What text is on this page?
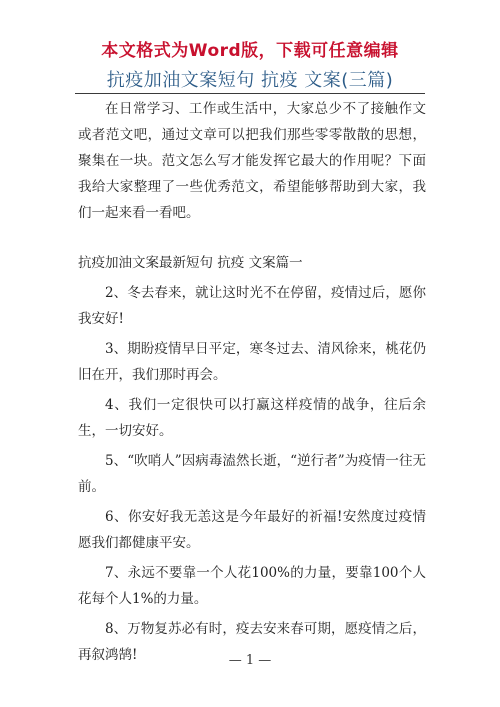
本文格式为Word版，下载可任意编辑
抗疫加油文案短句 抗疫 文案(三篇)

在日常学习、工作或生活中，大家总少不了接触作文或者范文吧，通过文章可以把我们那些零零散散的思想，聚集在一块。范文怎么写才能发挥它最大的作用呢？下面我给大家整理了一些优秀范文，希望能够帮助到大家，我们一起来看一看吧。

抗疫加油文案最新短句 抗疫 文案篇一

2、冬去春来，就让这时光不在停留，疫情过后，愿你我安好!

3、期盼疫情早日平定，寒冬过去、清风徐来，桃花仍旧在开，我们那时再会。

4、我们一定很快可以打赢这样疫情的战争，往后余生，一切安好。

5、“吹哨人”因病毒溘然长逝，“逆行者”为疫情一往无前。

6、你安好我无恙这是今年最好的祈福!安然度过疫情愿我们都健康平安。

7、永远不要靠一个人花100%的力量，要靠100个人花每个人1%的力量。

8、万物复苏必有时，疫去安来春可期，愿疫情之后，再叙鸿鹄!	— 1 —
